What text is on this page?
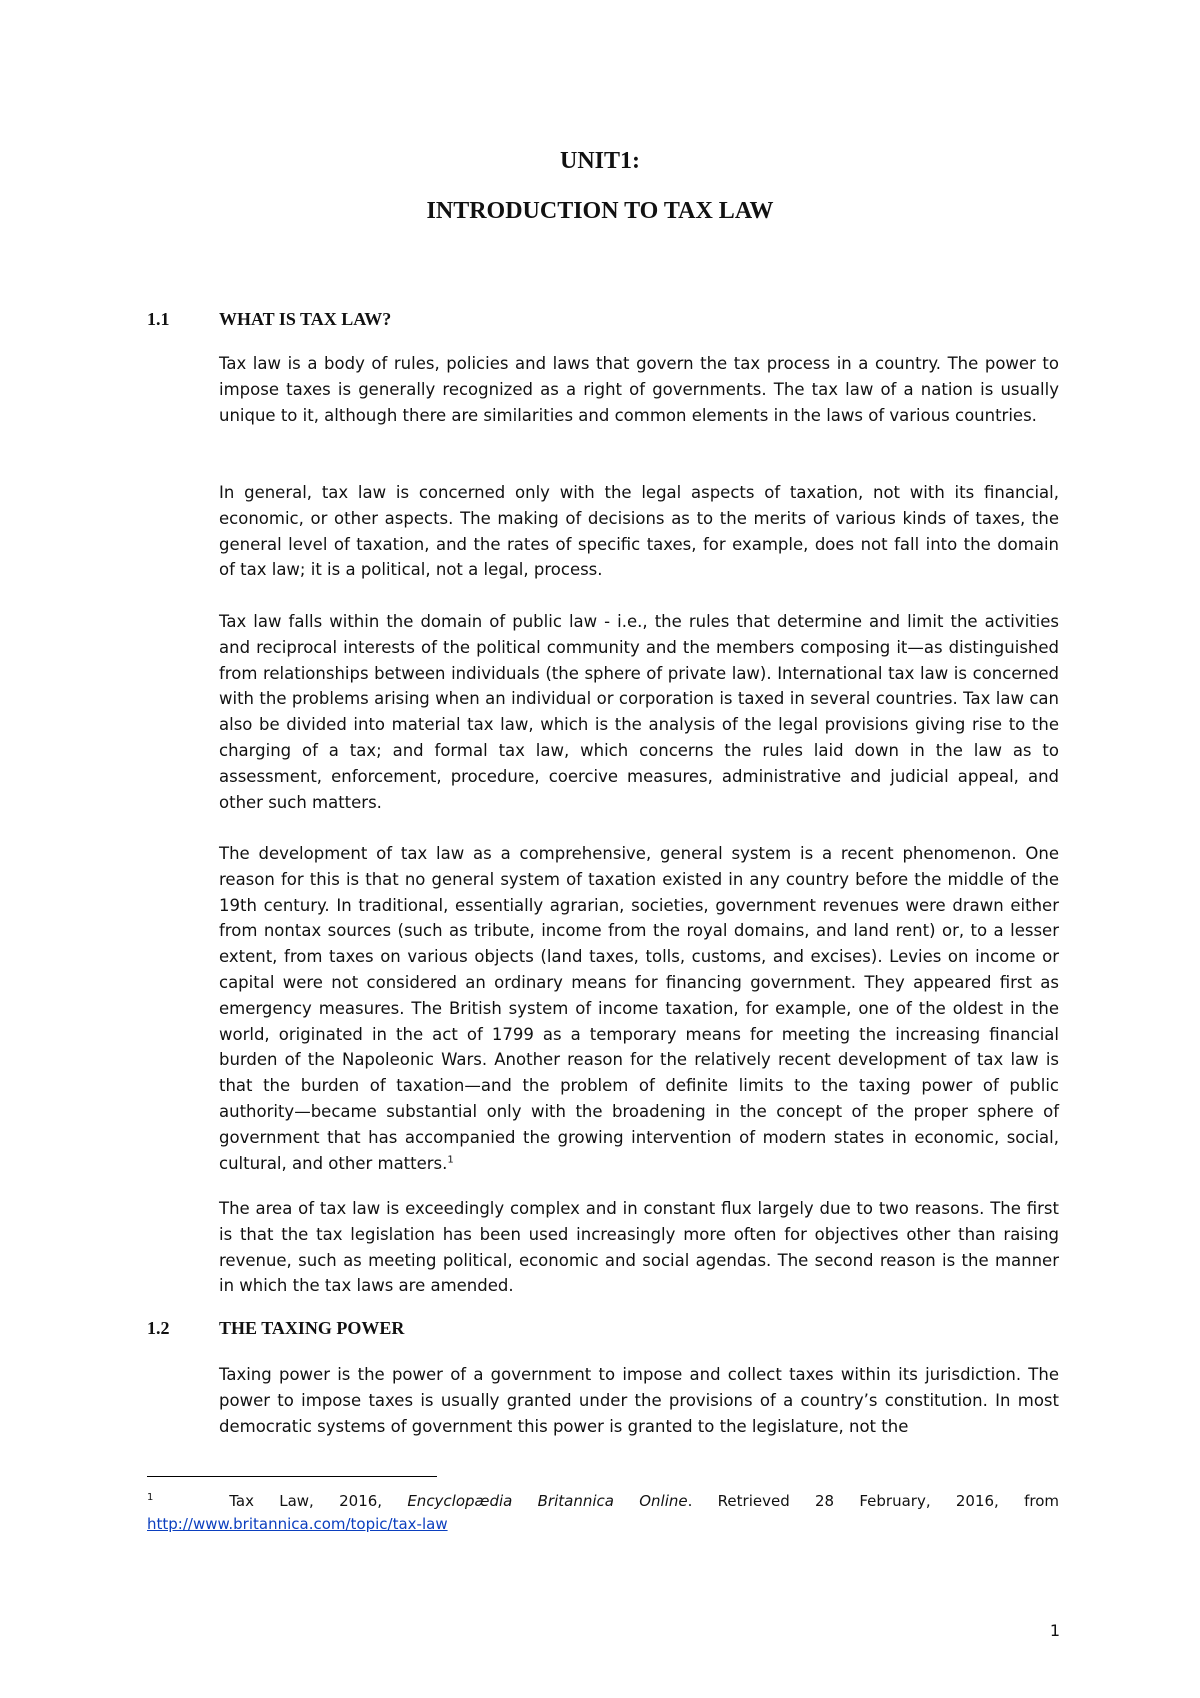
UNIT1:
INTRODUCTION TO TAX LAW
1.1	WHAT IS TAX LAW?

Tax law is a body of rules, policies and laws that govern the tax process in a country. The power to impose taxes is generally recognized as a right of governments. The tax law of a nation is usually unique to it, although there are similarities and common elements in the laws of various countries.

In general, tax law is concerned only with the legal aspects of taxation, not with its financial, economic, or other aspects. The making of decisions as to the merits of various kinds of taxes, the general level of taxation, and the rates of specific taxes, for example, does not fall into the domain of tax law; it is a political, not a legal, process.

Tax law falls within the domain of public law - i.e., the rules that determine and limit the activities and reciprocal interests of the political community and the members composing it—as distinguished from relationships between individuals (the sphere of private law). International tax law is concerned with the problems arising when an individual or corporation is taxed in several countries. Tax law can also be divided into material tax law, which is the analysis of the legal provisions giving rise to the charging of a tax; and formal tax law, which concerns the rules laid down in the law as to assessment, enforcement, procedure, coercive measures, administrative and judicial appeal, and other such matters.

The development of tax law as a comprehensive, general system is a recent phenomenon. One reason for this is that no general system of taxation existed in any country before the middle of the 19th century. In traditional, essentially agrarian, societies, government revenues were drawn either from nontax sources (such as tribute, income from the royal domains, and land rent) or, to a lesser extent, from taxes on various objects (land taxes, tolls, customs, and excises). Levies on income or capital were not considered an ordinary means for financing government. They appeared first as emergency measures. The British system of income taxation, for example, one of the oldest in the world, originated in the act of 1799 as a temporary means for meeting the increasing financial burden of the Napoleonic Wars. Another reason for the relatively recent development of tax law is that the burden of taxation—and the problem of definite limits to the taxing power of public authority—became substantial only with the broadening in the concept of the proper sphere of government that has accompanied the growing intervention of modern states in economic, social, cultural, and other matters.$^1$

The area of tax law is exceedingly complex and in constant flux largely due to two reasons. The first is that the tax legislation has been used increasingly more often for objectives other than raising revenue, such as meeting political, economic and social agendas. The second reason is the manner in which the tax laws are amended.

1.2	THE TAXING POWER

Taxing power is the power of a government to impose and collect taxes within its jurisdiction. The power to impose taxes is usually granted under the provisions of a country’s constitution. In most democratic systems of government this power is granted to the legislature, not the

$^1$	Tax Law, 2016, Encyclopædia Britannica Online. Retrieved 28 February, 2016, from http://www.britannica.com/topic/tax-law

1
